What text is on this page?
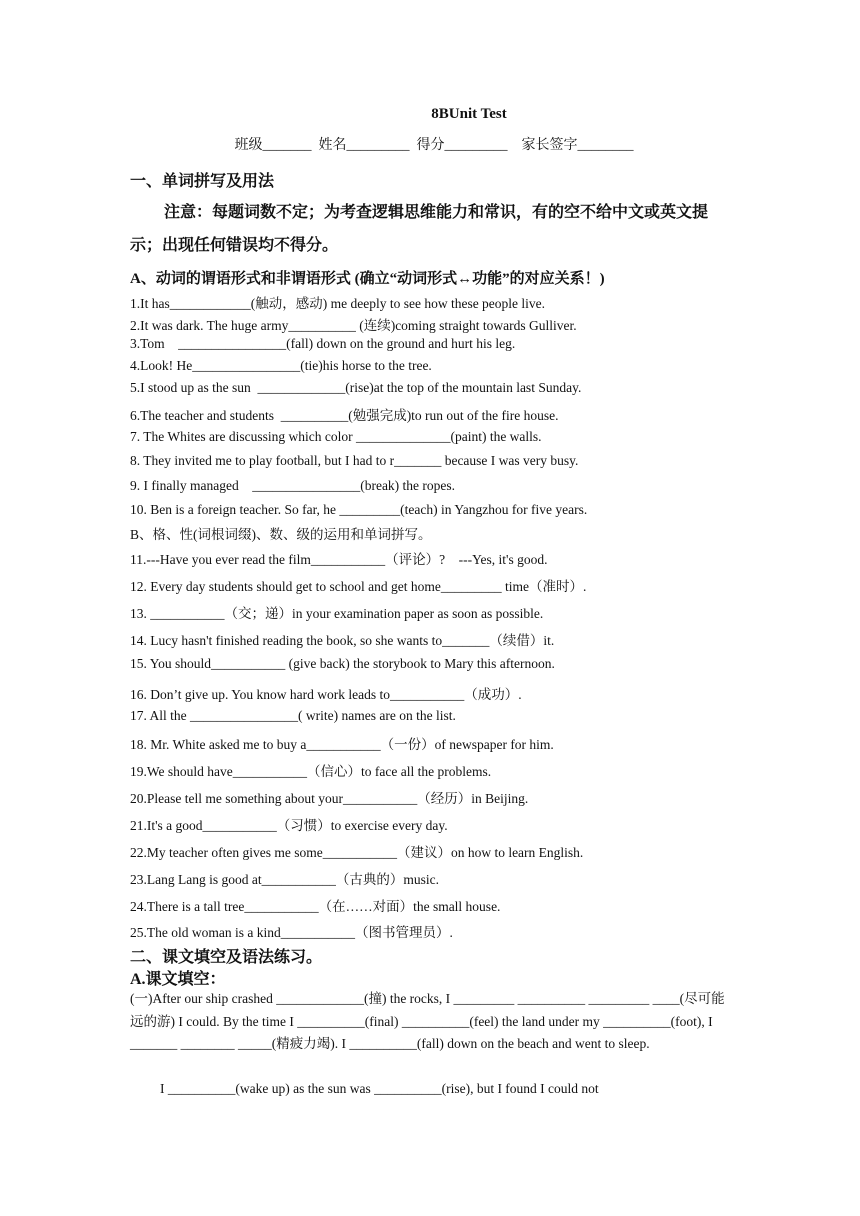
8BUnit Test
班级_______  姓名_________  得分_________    家长签字________
一、单词拼写及用法
注意：每题词数不定；为考查逻辑思维能力和常识，有的空不给中文或英文提示；出现任何错误均不得分。
A、动词的谓语形式和非谓语形式 (确立“动词形式↔功能”的对应关系！)
1.It has____________(触动，感动) me deeply to see how these people live.
2.It was dark. The huge army__________ (连续)coming straight towards Gulliver.
3.Tom    ________________(fall) down on the ground and hurt his leg.
4.Look! He________________(tie)his horse to the tree.
5.I stood up as the sun  _____________(rise)at the top of the mountain last Sunday.
6.The teacher and students  __________(勉强完成)to run out of the fire house.
7. The Whites are discussing which color ______________(paint) the walls.
8. They invited me to play football, but I had to r_______ because I was very busy.
9. I finally managed    ________________(break) the ropes.
10. Ben is a foreign teacher. So far, he _________(teach) in Yangzhou for five years.
B、格、性(词根词缀)、数、级的运用和单词拼写。
11.---Have you ever read the film___________（评论）?    ---Yes, it's good.
12. Every day students should get to school and get home_________ time（准时）.
13. ___________（交；递）in your examination paper as soon as possible.
14. Lucy hasn't finished reading the book, so she wants to_______（续借）it.
15. You should___________ (give back) the storybook to Mary this afternoon.
16. Don’t give up. You know hard work leads to___________（成功）.
17. All the ________________( write) names are on the list.
18. Mr. White asked me to buy a___________（一份）of newspaper for him.
19.We should have___________（信心）to face all the problems.
20.Please tell me something about your___________（经历）in Beijing.
21.It's a good___________（习惯）to exercise every day.
22.My teacher often gives me some___________（建议）on how to learn English.
23.Lang Lang is good at___________（古典的）music.
24.There is a tall tree___________（在……对面）the small house.
25.The old woman is a kind___________（图书管理员）.
二、课文填空及语法练习。
A.课文填空：
(一)After our ship crashed _____________(撞) the rocks, I _________ __________ _________ ____(尽可能远的游) I could. By the time I __________(final) __________(feel) the land under my __________(foot), I _______ ________ _____(精疲力竭). I __________(fall) down on the beach and went to sleep.
I __________(wake up) as the sun was __________(rise), but I found I could not
